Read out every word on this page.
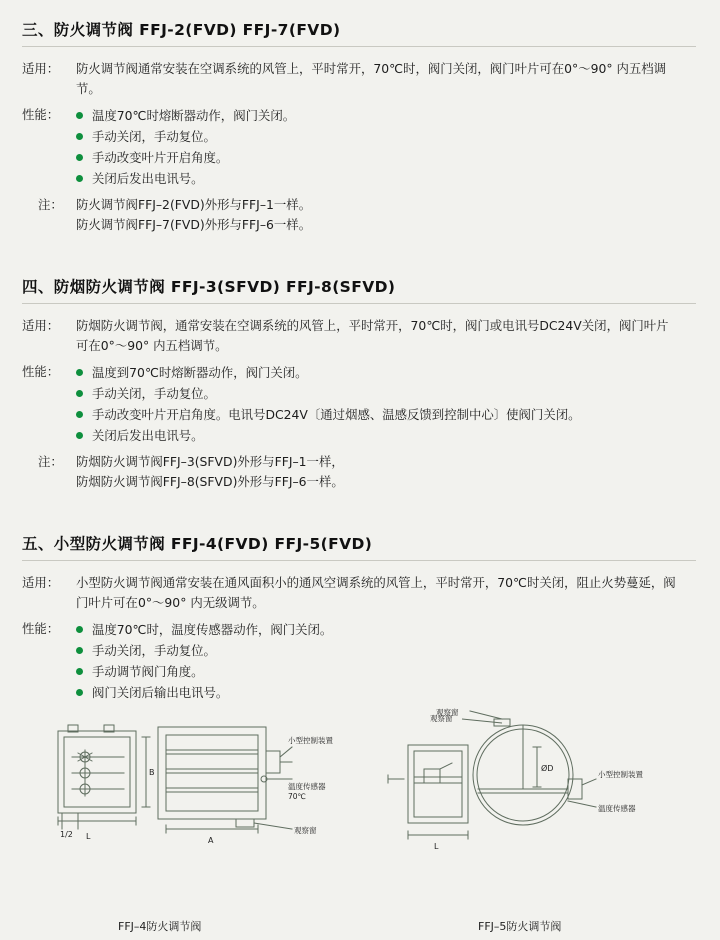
三、防火调节阀 FFJ-2(FVD) FFJ-7(FVD)
适用：	防火调节阀通常安装在空调系统的风管上，平时常开，70℃时，阀门关闭，阀门叶片可在0°～90° 内五档调节。
性能：	温度70℃时熔断器动作，阀门关闭。
手动关闭，手动复位。
手动改变叶片开启角度。
关闭后发出电讯号。
注：	防火调节阀FFJ–2(FVD)外形与FFJ–1一样。

防火调节阀FFJ–7(FVD)外形与FFJ–6一样。

四、防烟防火调节阀 FFJ-3(SFVD) FFJ-8(SFVD)
适用：	防烟防火调节阀，通常安装在空调系统的风管上，平时常开，70℃时，阀门或电讯号DC24V关闭，阀门叶片可在0°～90° 内五档调节。
性能：	温度到70℃时熔断器动作，阀门关闭。
手动关闭，手动复位。
手动改变叶片开启角度。电讯号DC24V〔通过烟感、温感反馈到控制中心〕使阀门关闭。
关闭后发出电讯号。
注：	防烟防火调节阀FFJ–3(SFVD)外形与FFJ–1一样，

防烟防火调节阀FFJ–8(SFVD)外形与FFJ–6一样。

五、小型防火调节阀 FFJ-4(FVD) FFJ-5(FVD)
适用：	小型防火调节阀通常安装在通风面积小的通风空调系统的风管上，平时常开，70℃时关闭，阻止火势蔓延，阀门叶片可在0°～90° 内无级调节。
性能：	温度70℃时，温度传感器动作，阀门关闭。
手动关闭，手动复位。
手动调节阀门角度。
阀门关闭后输出电讯号。
小型控制装置
温度传感器
70℃
观察窗
观察窗
小型控制装置
温度传感器
B
A
L
1/2
L
ØD
观察窗
FFJ–4防火调节阀	FFJ–5防火调节阀
